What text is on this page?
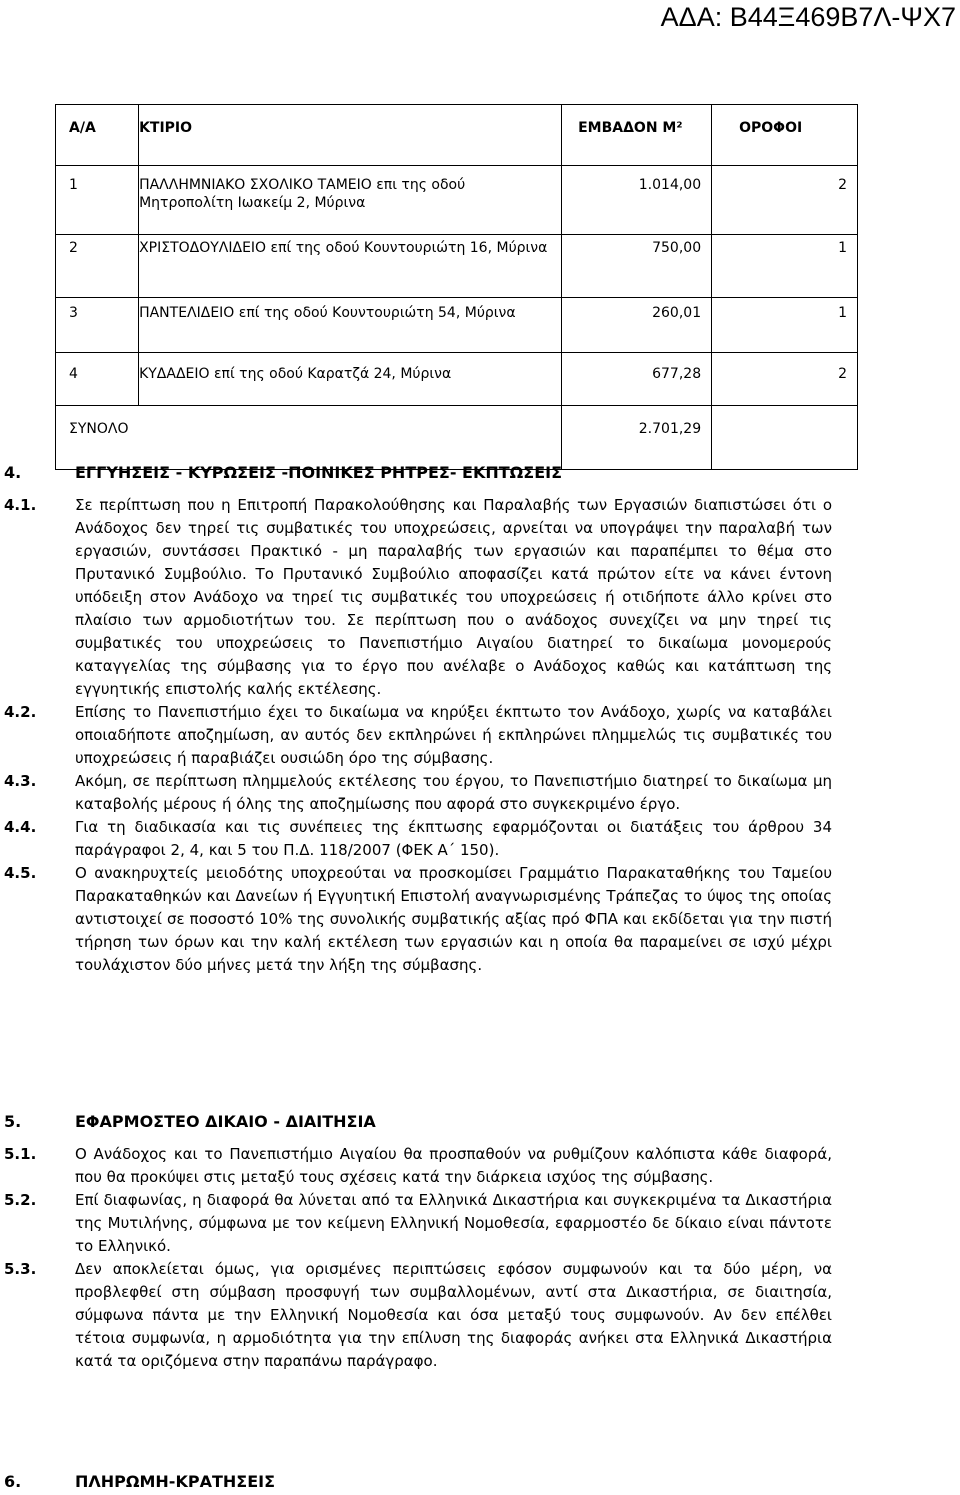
ΑΔΑ: Β44Ξ469Β7Λ-ΨΧ7
Α/Α	ΚΤΙΡΙΟ	ΕΜΒΑΔΟΝ Μ²	ΟΡΟΦΟΙ
1	ΠΑΛΛΗΜΝΙΑΚΟ ΣΧΟΛΙΚΟ ΤΑΜΕΙΟ επι της οδού Μητροπολίτη Ιωακείμ 2, Μύρινα	1.014,00	2
2	ΧΡΙΣΤΟΔΟΥΛΙΔΕΙΟ επί της οδού Κουντουριώτη 16, Μύρινα	750,00	1
3	ΠΑΝΤΕΛΙΔΕΙΟ επί της οδού Κουντουριώτη 54, Μύρινα	260,01	1
4	ΚΥΔΑΔΕΙΟ επί της οδού Καρατζά 24, Μύρινα	677,28	2
ΣΥΝΟΛΟ		2.701,29	
4.	ΕΓΓΥΗΣΕΙΣ - ΚΥΡΩΣΕΙΣ -ΠΟΙΝΙΚΕΣ ΡΗΤΡΕΣ- ΕΚΠΤΩΣΕΙΣ
4.1.	Σε περίπτωση που η Επιτροπή Παρακολούθησης και Παραλαβής των Εργασιών διαπιστώσει ότι ο Ανάδοχος δεν τηρεί τις συμβατικές του υποχρεώσεις, αρνείται να υπογράψει την παραλαβή των εργασιών, συντάσσει Πρακτικό - μη παραλαβής των εργασιών και παραπέμπει το θέμα στο Πρυτανικό Συμβούλιο. Το Πρυτανικό Συμβούλιο αποφασίζει κατά πρώτον είτε να κάνει έντονη υπόδειξη στον Ανάδοχο να τηρεί τις συμβατικές του υποχρεώσεις ή οτιδήποτε άλλο κρίνει στο πλαίσιο των αρμοδιοτήτων του. Σε περίπτωση που ο ανάδοχος συνεχίζει να μην τηρεί τις συμβατικές του υποχρεώσεις το Πανεπιστήμιο Αιγαίου διατηρεί το δικαίωμα μονομερούς καταγγελίας της σύμβασης για το έργο που ανέλαβε ο Ανάδοχος καθώς και κατάπτωση της εγγυητικής επιστολής καλής εκτέλεσης.
4.2.	Επίσης το Πανεπιστήμιο έχει το δικαίωμα να κηρύξει έκπτωτο τον Ανάδοχο, χωρίς να καταβάλει οποιαδήποτε αποζημίωση, αν αυτός δεν εκπληρώνει ή εκπληρώνει πλημμελώς τις συμβατικές του υποχρεώσεις ή παραβιάζει ουσιώδη όρο της σύμβασης.
4.3.	Ακόμη, σε περίπτωση πλημμελούς εκτέλεσης του έργου, το Πανεπιστήμιο διατηρεί το δικαίωμα μη καταβολής μέρους ή όλης της αποζημίωσης που αφορά στο συγκεκριμένο έργο.
4.4.	Για τη διαδικασία και τις συνέπειες της έκπτωσης εφαρμόζονται οι διατάξεις του άρθρου 34 παράγραφοι 2, 4, και 5 του Π.Δ. 118/2007 (ΦΕΚ Α΄ 150).
4.5.	Ο ανακηρυχτείς μειοδότης υποχρεούται να προσκομίσει Γραμμάτιο Παρακαταθήκης του Ταμείου Παρακαταθηκών και Δανείων ή Εγγυητική Επιστολή αναγνωρισμένης Τράπεζας το ύψος της οποίας αντιστοιχεί σε ποσοστό 10% της συνολικής συμβατικής αξίας πρό ΦΠΑ και εκδίδεται για την πιστή τήρηση των όρων και την καλή εκτέλεση των εργασιών και η οποία θα παραμείνει σε ισχύ μέχρι τουλάχιστον δύο μήνες μετά την λήξη της σύμβασης.
5.	ΕΦΑΡΜΟΣΤΕΟ ΔΙΚΑΙΟ - ΔΙΑΙΤΗΣΙΑ
5.1.	Ο Ανάδοχος και το Πανεπιστήμιο Αιγαίου θα προσπαθούν να ρυθμίζουν καλόπιστα κάθε διαφορά, που θα προκύψει στις μεταξύ τους σχέσεις κατά την διάρκεια ισχύος της σύμβασης.
5.2.	Επί διαφωνίας, η διαφορά θα λύνεται από τα Ελληνικά Δικαστήρια και συγκεκριμένα τα Δικαστήρια της Μυτιλήνης, σύμφωνα με τον κείμενη Ελληνική Νομοθεσία, εφαρμοστέο δε δίκαιο είναι πάντοτε το Ελληνικό.
5.3.	Δεν αποκλείεται όμως, για ορισμένες περιπτώσεις εφόσον συμφωνούν και τα δύο μέρη, να προβλεφθεί στη σύμβαση προσφυγή των συμβαλλομένων, αντί στα Δικαστήρια, σε διαιτησία, σύμφωνα πάντα με την Ελληνική Νομοθεσία και όσα μεταξύ τους συμφωνούν. Αν δεν επέλθει τέτοια συμφωνία, η αρμοδιότητα για την επίλυση της διαφοράς ανήκει στα Ελληνικά Δικαστήρια κατά τα οριζόμενα στην παραπάνω παράγραφο.
6.	ΠΛΗΡΩΜΗ-ΚΡΑΤΗΣΕΙΣ
